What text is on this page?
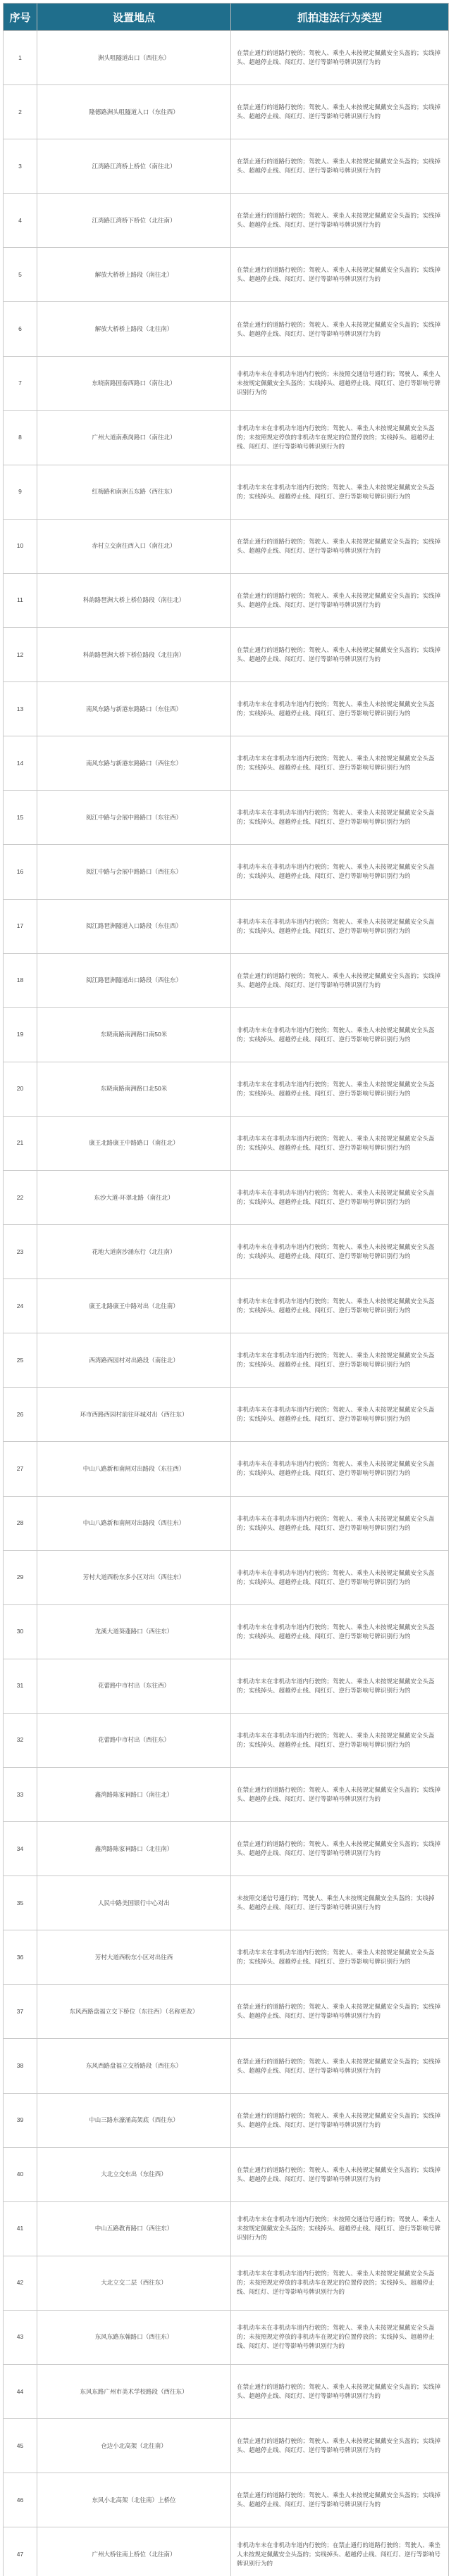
序号	设置地点	抓拍违法行为类型
1	洲头咀隧道出口（西往东）	在禁止通行的道路行驶的；驾驶人、乘坐人未按规定佩戴安全头盔的；实线掉头、超越停止线、闯红灯、逆行等影响号牌识别行为的
2	隆德路洲头咀隧道入口（东往西）	在禁止通行的道路行驶的；驾驶人、乘坐人未按规定佩戴安全头盔的；实线掉头、超越停止线、闯红灯、逆行等影响号牌识别行为的
3	江湾路江湾桥上桥位（南往北）	在禁止通行的道路行驶的；驾驶人、乘坐人未按规定佩戴安全头盔的；实线掉头、超越停止线、闯红灯、逆行等影响号牌识别行为的
4	江湾路江湾桥下桥位（北往南）	在禁止通行的道路行驶的；驾驶人、乘坐人未按规定佩戴安全头盔的；实线掉头、超越停止线、闯红灯、逆行等影响号牌识别行为的
5	解放大桥桥上路段（南往北）	在禁止通行的道路行驶的；驾驶人、乘坐人未按规定佩戴安全头盔的；实线掉头、超越停止线、闯红灯、逆行等影响号牌识别行为的
6	解放大桥桥上路段（北往南）	在禁止通行的道路行驶的；驾驶人、乘坐人未按规定佩戴安全头盔的；实线掉头、超越停止线、闯红灯、逆行等影响号牌识别行为的
7	东晓南路国泰西路口（南往北）	非机动车未在非机动车道内行驶的；未按照交通信号通行的；驾驶人、乘坐人未按规定佩戴安全头盔的；实线掉头、超越停止线、闯红灯、逆行等影响号牌识别行为的
8	广州大道南燕岗路口（南往北）	非机动车未在非机动车道内行驶的；驾驶人、乘坐人未按规定佩戴安全头盔的；未按照规定停放的非机动车在规定的位置停放的；实线掉头、超越停止线、闯红灯、逆行等影响号牌识别行为的
9	红梅路和南洲五东路（西往东）	非机动车未在非机动车道内行驶的；驾驶人、乘坐人未按规定佩戴安全头盔的；实线掉头、超越停止线、闯红灯、逆行等影响号牌识别行为的
10	赤村立交南往西入口（南往北）	在禁止通行的道路行驶的；驾驶人、乘坐人未按规定佩戴安全头盔的；实线掉头、超越停止线、闯红灯、逆行等影响号牌识别行为的
11	科韵路琶洲大桥上桥位路段（南往北）	在禁止通行的道路行驶的；驾驶人、乘坐人未按规定佩戴安全头盔的；实线掉头、超越停止线、闯红灯、逆行等影响号牌识别行为的
12	科韵路琶洲大桥下桥位路段（北往南）	在禁止通行的道路行驶的；驾驶人、乘坐人未按规定佩戴安全头盔的；实线掉头、超越停止线、闯红灯、逆行等影响号牌识别行为的
13	南风东路与新港东路路口（东往西）	非机动车未在非机动车道内行驶的；驾驶人、乘坐人未按规定佩戴安全头盔的；实线掉头、超越停止线、闯红灯、逆行等影响号牌识别行为的
14	南风东路与新港东路路口（西往东）	非机动车未在非机动车道内行驶的；驾驶人、乘坐人未按规定佩戴安全头盔的；实线掉头、超越停止线、闯红灯、逆行等影响号牌识别行为的
15	阅江中路与会展中路路口（东往西）	非机动车未在非机动车道内行驶的；驾驶人、乘坐人未按规定佩戴安全头盔的；实线掉头、超越停止线、闯红灯、逆行等影响号牌识别行为的
16	阅江中路与会展中路路口（西往东）	非机动车未在非机动车道内行驶的；驾驶人、乘坐人未按规定佩戴安全头盔的；实线掉头、超越停止线、闯红灯、逆行等影响号牌识别行为的
17	阅江路琶洲隧道入口路段（东往西）	非机动车未在非机动车道内行驶的；驾驶人、乘坐人未按规定佩戴安全头盔的；实线掉头、超越停止线、闯红灯、逆行等影响号牌识别行为的
18	阅江路琶洲隧道出口路段（西往东）	在禁止通行的道路行驶的；驾驶人、乘坐人未按规定佩戴安全头盔的；实线掉头、超越停止线、闯红灯、逆行等影响号牌识别行为的
19	东晓南路南洲路口南50米	非机动车未在非机动车道内行驶的；驾驶人、乘坐人未按规定佩戴安全头盔的；实线掉头、超越停止线、闯红灯、逆行等影响号牌识别行为的
20	东晓南路南洲路口北50米	非机动车未在非机动车道内行驶的；驾驶人、乘坐人未按规定佩戴安全头盔的；实线掉头、超越停止线、闯红灯、逆行等影响号牌识别行为的
21	康王北路康王中路路口（南往北）	非机动车未在非机动车道内行驶的；驾驶人、乘坐人未按规定佩戴安全头盔的；实线掉头、超越停止线、闯红灯、逆行等影响号牌识别行为的
22	东沙大道-环翠北路（南往北）	非机动车未在非机动车道内行驶的；驾驶人、乘坐人未按规定佩戴安全头盔的；实线掉头、超越停止线、闯红灯、逆行等影响号牌识别行为的
23	花地大道南沙涌东行（北往南）	非机动车未在非机动车道内行驶的；驾驶人、乘坐人未按规定佩戴安全头盔的；实线掉头、超越停止线、闯红灯、逆行等影响号牌识别行为的
24	康王北路康王中路对出（北往南）	非机动车未在非机动车道内行驶的；驾驶人、乘坐人未按规定佩戴安全头盔的；实线掉头、超越停止线、闯红灯、逆行等影响号牌识别行为的
25	西湾路西园村对出路段（南往北）	非机动车未在非机动车道内行驶的；驾驶人、乘坐人未按规定佩戴安全头盔的；实线掉头、超越停止线、闯红灯、逆行等影响号牌识别行为的
26	环市西路西园村前往环城对出（西往东）	非机动车未在非机动车道内行驶的；驾驶人、乘坐人未按规定佩戴安全头盔的；实线掉头、超越停止线、闯红灯、逆行等影响号牌识别行为的
27	中山八路新和南闸对出路段（东往西）	非机动车未在非机动车道内行驶的；驾驶人、乘坐人未按规定佩戴安全头盔的；实线掉头、超越停止线、闯红灯、逆行等影响号牌识别行为的
28	中山八路新和南闸对出路段（西往东）	非机动车未在非机动车道内行驶的；驾驶人、乘坐人未按规定佩戴安全头盔的；实线掉头、超越停止线、闯红灯、逆行等影响号牌识别行为的
29	芳村大道西粉东多小区对出（西往东）	非机动车未在非机动车道内行驶的；驾驶人、乘坐人未按规定佩戴安全头盔的；实线掉头、超越停止线、闯红灯、逆行等影响号牌识别行为的
30	龙溪大道葵蓬路口（西往东）	非机动车未在非机动车道内行驶的；驾驶人、乘坐人未按规定佩戴安全头盔的；实线掉头、超越停止线、闯红灯、逆行等影响号牌识别行为的
31	花蕾路中市村出（东往西）	非机动车未在非机动车道内行驶的；驾驶人、乘坐人未按规定佩戴安全头盔的；实线掉头、超越停止线、闯红灯、逆行等影响号牌识别行为的
32	花蕾路中市村出（西往东）	非机动车未在非机动车道内行驶的；驾驶人、乘坐人未按规定佩戴安全头盔的；实线掉头、超越停止线、闯红灯、逆行等影响号牌识别行为的
33	鑫湾路陈家祠路口（南往北）	在禁止通行的道路行驶的；驾驶人、乘坐人未按规定佩戴安全头盔的；实线掉头、超越停止线、闯红灯、逆行等影响号牌识别行为的
34	鑫湾路陈家祠路口（北往南）	在禁止通行的道路行驶的；驾驶人、乘坐人未按规定佩戴安全头盔的；实线掉头、超越停止线、闯红灯、逆行等影响号牌识别行为的
35	人民中路美国银行中心对出	未按照交通信号通行的；驾驶人、乘坐人未按规定佩戴安全头盔的；实线掉头、超越停止线、闯红灯、逆行等影响号牌识别行为的
36	芳村大道西粉东小区对出往西	非机动车未在非机动车道内行驶的；驾驶人、乘坐人未按规定佩戴安全头盔的；实线掉头、超越停止线、闯红灯、逆行等影响号牌识别行为的
37	东风西路盘福立交下桥位（东往西）（名称更改）	在禁止通行的道路行驶的；驾驶人、乘坐人未按规定佩戴安全头盔的；实线掉头、超越停止线、闯红灯、逆行等影响号牌识别行为的
38	东风西路盘福立交桥路段（西往东）	在禁止通行的道路行驶的；驾驶人、乘坐人未按规定佩戴安全头盔的；实线掉头、超越停止线、闯红灯、逆行等影响号牌识别行为的
39	中山三路东濠涌高架底（西往东）	在禁止通行的道路行驶的；驾驶人、乘坐人未按规定佩戴安全头盔的；实线掉头、超越停止线、闯红灯、逆行等影响号牌识别行为的
40	大北立交东出（东往西）	在禁止通行的道路行驶的；驾驶人、乘坐人未按规定佩戴安全头盔的；实线掉头、超越停止线、闯红灯、逆行等影响号牌识别行为的
41	中山五路教育路口（西往东）	非机动车未在非机动车道内行驶的；未按照交通信号通行的；驾驶人、乘坐人未按规定佩戴安全头盔的；实线掉头、超越停止线、闯红灯、逆行等影响号牌识别行为的
42	大北立交二层（西往东）	非机动车未在非机动车道内行驶的；驾驶人、乘坐人未按规定佩戴安全头盔的；未按照规定停放的非机动车在规定的位置停放的；实线掉头、超越停止线、闯红灯、逆行等影响号牌识别行为的
43	东风东路东翰路口（西往东）	非机动车未在非机动车道内行驶的；驾驶人、乘坐人未按规定佩戴安全头盔的；未按照规定停放的非机动车在规定的位置停放的；实线掉头、超越停止线、闯红灯、逆行等影响号牌识别行为的
44	东风东路广州市美术学校路段（西往东）	在禁止通行的道路行驶的；驾驶人、乘坐人未按规定佩戴安全头盔的；实线掉头、超越停止线、闯红灯、逆行等影响号牌识别行为的
45	仓边小北高架（北往南）	在禁止通行的道路行驶的；驾驶人、乘坐人未按规定佩戴安全头盔的；实线掉头、超越停止线、闯红灯、逆行等影响号牌识别行为的
46	东风小北高架（北往南）上桥位	在禁止通行的道路行驶的；驾驶人、乘坐人未按规定佩戴安全头盔的；实线掉头、超越停止线、闯红灯、逆行等影响号牌识别行为的
47	广州大桥往南上桥位（北往南）	非机动车未在非机动车道内行驶的；在禁止通行的道路行驶的；驾驶人、乘坐人未按规定佩戴安全头盔的；实线掉头、超越停止线、闯红灯、逆行等影响号牌识别行为的
